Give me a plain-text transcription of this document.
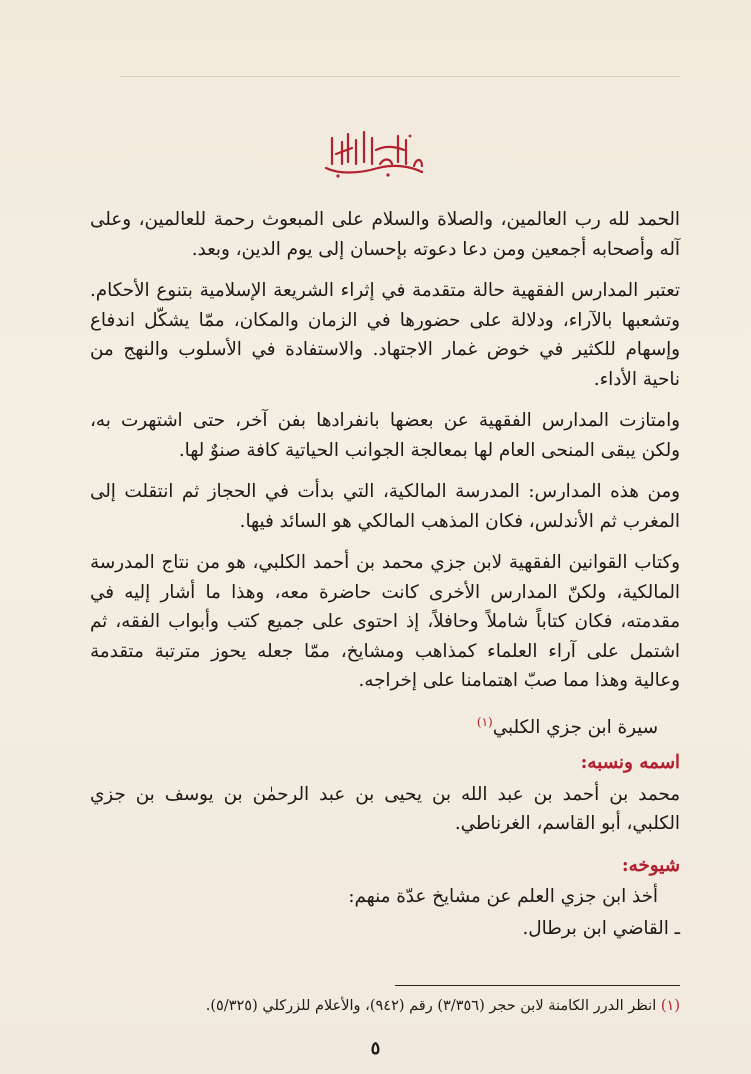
الحمد لله رب العالمين، والصلاة والسلام على المبعوث رحمة للعالمين، وعلى آله وأصحابه أجمعين ومن دعا دعوته بإحسان إلى يوم الدين، وبعد.

تعتبر المدارس الفقهية حالة متقدمة في إثراء الشريعة الإسلامية بتنوع الأحكام. وتشعبها بالآراء، ودلالة على حضورها في الزمان والمكان، ممّا يشكّل اندفاع وإسهام للكثير في خوض غمار الاجتهاد. والاستفادة في الأسلوب والنهج من ناحية الأداء.

وامتازت المدارس الفقهية عن بعضها بانفرادها بفن آخر، حتى اشتهرت به، ولكن يبقى المنحى العام لها بمعالجة الجوانب الحياتية كافة صنوٌ لها.

ومن هذه المدارس: المدرسة المالكية، التي بدأت في الحجاز ثم انتقلت إلى المغرب ثم الأندلس، فكان المذهب المالكي هو السائد فيها.

وكتاب القوانين الفقهية لابن جزي محمد بن أحمد الكلبي، هو من نتاج المدرسة المالكية، ولكنّ المدارس الأخرى كانت حاضرة معه، وهذا ما أشار إليه في مقدمته، فكان كتاباً شاملاً وحافلاً، إذ احتوى على جميع كتب وأبواب الفقه، ثم اشتمل على آراء العلماء كمذاهب ومشايخ، ممّا جعله يحوز مترتبة متقدمة وعالية وهذا مما صبّ اهتمامنا على إخراجه.

سيرة ابن جزي الكلبي$^{(١)}$

اسمه ونسبه:

محمد بن أحمد بن عبد الله بن يحيى بن عبد الرحمٰن بن يوسف بن جزي الكلبي، أبو القاسم، الغرناطي.

شيوخه:

أخذ ابن جزي العلم عن مشايخ عدّة منهم:

ـ القاضي ابن برطال.

(١) انظر الدرر الكامنة لابن حجر (٣/٣٥٦) رقم (٩٤٢)، والأعلام للزركلي (٥/٣٢٥).
٥
